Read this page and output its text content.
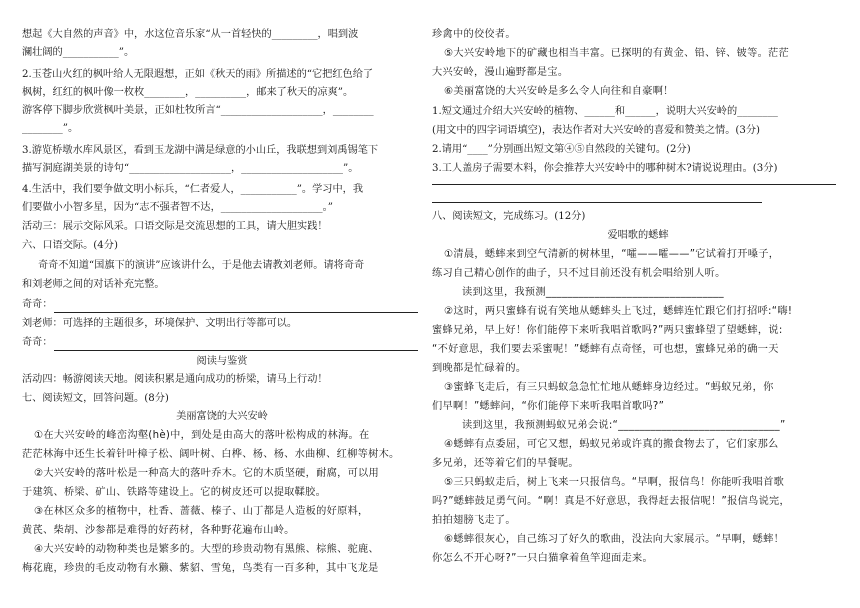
想起《大自然的声音》中，水这位音乐家“从一首轻快的_________，唱到波
澜壮阔的___________”。
2.玉苍山火红的枫叶给人无限遐想，正如《秋天的雨》所描述的“它把红色给了
枫树，红红的枫叶像一枚枚________，__________，邮来了秋天的凉爽”。
游客停下脚步欣赏枫叶美景，正如杜牧所言“____________________，________
________”。
3.游览桥墩水库风景区，看到玉龙湖中满是绿意的小山丘，我联想到刘禹锡笔下
描写洞庭湖美景的诗句“____________________，____________________”。
4.生活中，我们要争做文明小标兵，“仁者爱人，___________”。学习中，我
们要做小小智多星，因为“志不强者智不达，____________________。”
活动三：展示交际风采。口语交际是交流思想的工具，请大胆实践！
六、口语交际。(4分)
奇奇不知道“国旗下的演讲”应该讲什么，于是他去请教刘老师。请将奇奇
和刘老师之间的对话补充完整。
奇奇：
刘老师：可选择的主题很多，环境保护、文明出行等都可以。
奇奇：
阅读与鉴赏
活动四：畅游阅读天地。阅读积累是通向成功的桥梁，请马上行动！
七、阅读短文，回答问题。(8分)
美丽富饶的大兴安岭
①在大兴安岭的峰峦沟壑(hè)中，到处是由高大的落叶松构成的林海。在
茫茫林海中还生长着针叶樟子松、阔叶树、白桦、杨、杨、水曲柳、红柳等树木。
②大兴安岭的落叶松是一种高大的落叶乔木。它的木质坚硬，耐腐，可以用
于建筑、桥梁、矿山、铁路等建设上。它的树皮还可以提取鞣胶。
③在林区众多的植物中，杜香、蔷薇、榛子、山丁都是人造板的好原料，
黄芪、柴胡、沙参都是难得的好药材，各种野花遍布山岭。
④大兴安岭的动物种类也是繁多的。大型的珍贵动物有黑熊、棕熊、驼鹿、
梅花鹿，珍贵的毛皮动物有水獭、紫貂、雪兔，鸟类有一百多种，其中飞龙是
珍禽中的佼佼者。
⑤大兴安岭地下的矿藏也相当丰富。已探明的有黄金、铅、锌、铍等。茫茫
大兴安岭，漫山遍野都是宝。
⑥美丽富饶的大兴安岭是多么令人向往和自豪啊！
1.短文通过介绍大兴安岭的植物、______和______，说明大兴安岭的________
(用文中的四字词语填空)，表达作者对大兴安岭的喜爱和赞美之情。(3分)
2.请用“____”分别画出短文第④⑤自然段的关键句。(2分)
3.工人盖房子需要木料，你会推荐大兴安岭中的哪种树木?请说说理由。(3分)
八、阅读短文，完成练习。(12分)
爱唱歌的蟋蟀
①清晨，蟋蟀来到空气清新的树林里，“嚯——嚯——”它试着打开嗓子，
练习自己精心创作的曲子，只不过目前还没有机会唱给别人听。
读到这里，我预测_________________________________
②这时，两只蜜蜂有说有笑地从蟋蟀头上飞过，蟋蟀连忙跟它们打招呼:“嗨!
蜜蜂兄弟，早上好！你们能停下来听我唱首歌吗?”两只蜜蜂望了望蟋蟀，说:
“不好意思，我们要去采蜜呢！”蟋蟀有点奇怪，可也想，蜜蜂兄弟的确一天
到晚都是忙碌着的。
③蜜蜂飞走后，有三只蚂蚁急急忙忙地从蟋蟀身边经过。“蚂蚁兄弟，你
们早啊！”蟋蟀问，“你们能停下来听我唱首歌吗?”
读到这里，我预测蚂蚁兄弟会说:“______________________________”
④蟋蟀有点委屈，可它又想，蚂蚁兄弟或许真的搬食物去了，它们家那么
多兄弟，还等着它们的早餐呢。
⑤三只蚂蚁走后，树上飞来一只报信鸟。“早啊，报信鸟！你能听我唱首歌
吗?”蟋蟀鼓足勇气问。“啊！真是不好意思，我得赶去报信呢！”报信鸟说完，
拍拍翅膀飞走了。
⑥蟋蟀很灰心，自己练习了好久的歌曲，没法向大家展示。“早啊，蟋蟀！
你怎么不开心呀?”一只白猫拿着鱼竿迎面走来。
